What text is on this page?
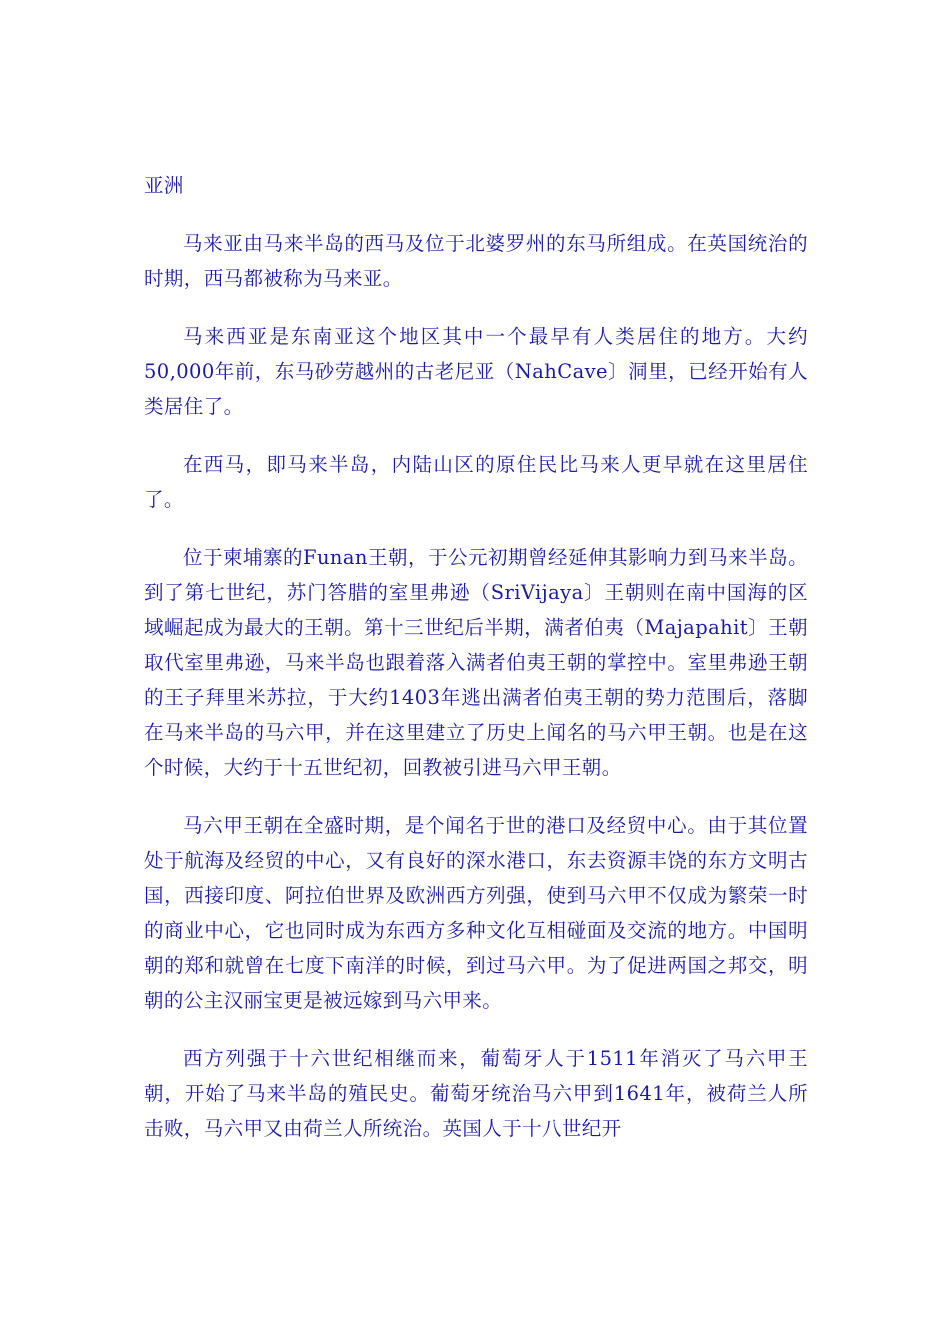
亚洲

马来亚由马来半岛的西马及位于北婆罗州的东马所组成。在英国统治的时期，西马都被称为马来亚。

马来西亚是东南亚这个地区其中一个最早有人类居住的地方。大约50,000年前，东马砂劳越州的古老尼亚（NahCave〕洞里，已经开始有人类居住了。

在西马，即马来半岛，内陆山区的原住民比马来人更早就在这里居住了。

位于柬埔寨的Funan王朝，于公元初期曾经延伸其影响力到马来半岛。到了第七世纪，苏门答腊的室里弗逊（SriVijaya〕王朝则在南中国海的区域崛起成为最大的王朝。第十三世纪后半期，满者伯夷（Majapahit〕王朝取代室里弗逊，马来半岛也跟着落入满者伯夷王朝的掌控中。室里弗逊王朝的王子拜里米苏拉，于大约1403年逃出满者伯夷王朝的势力范围后，落脚在马来半岛的马六甲，并在这里建立了历史上闻名的马六甲王朝。也是在这个时候，大约于十五世纪初，回教被引进马六甲王朝。

马六甲王朝在全盛时期，是个闻名于世的港口及经贸中心。由于其位置处于航海及经贸的中心，又有良好的深水港口，东去资源丰饶的东方文明古国，西接印度、阿拉伯世界及欧洲西方列强，使到马六甲不仅成为繁荣一时的商业中心，它也同时成为东西方多种文化互相碰面及交流的地方。中国明朝的郑和就曾在七度下南洋的时候，到过马六甲。为了促进两国之邦交，明朝的公主汉丽宝更是被远嫁到马六甲来。

西方列强于十六世纪相继而来，葡萄牙人于1511年消灭了马六甲王朝，开始了马来半岛的殖民史。葡萄牙统治马六甲到1641年，被荷兰人所击败，马六甲又由荷兰人所统治。英国人于十八世纪开
